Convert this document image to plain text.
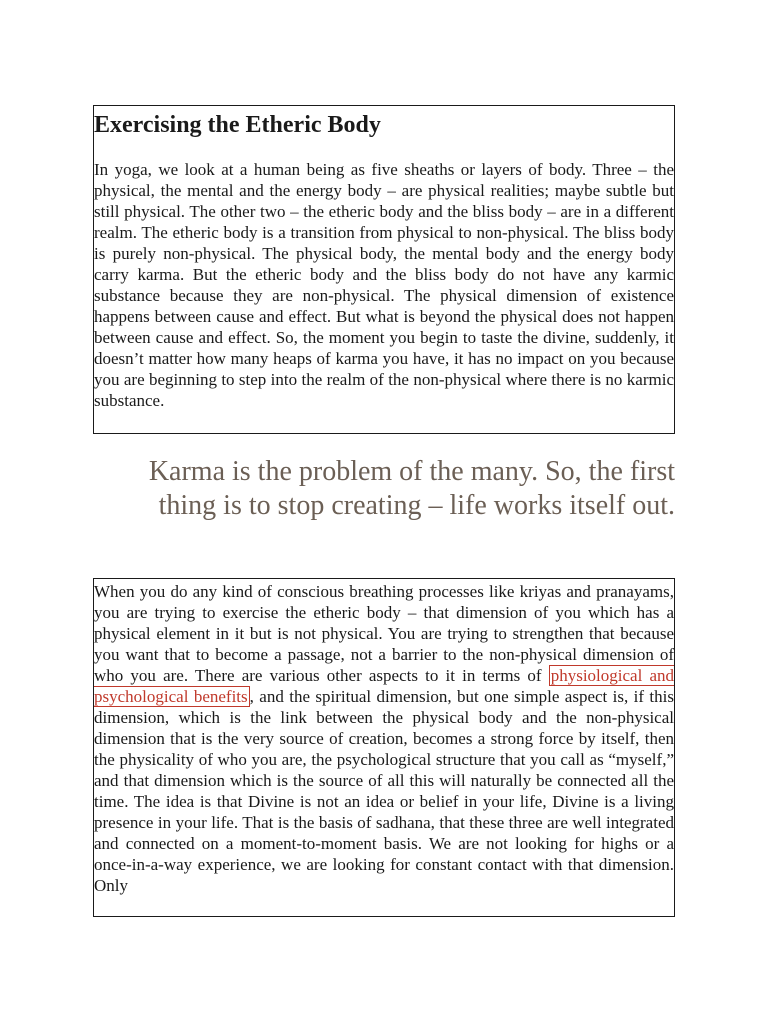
Exercising the Etheric Body

In yoga, we look at a human being as five sheaths or layers of body. Three – the physical, the mental and the energy body – are physical realities; maybe subtle but still physical. The other two – the etheric body and the bliss body – are in a different realm. The etheric body is a transition from physical to non-physical. The bliss body is purely non-physical. The physical body, the mental body and the energy body carry karma. But the etheric body and the bliss body do not have any karmic substance because they are non-physical. The physical dimension of existence happens between cause and effect. But what is beyond the physical does not happen between cause and effect. So, the moment you begin to taste the divine, suddenly, it doesn’t matter how many heaps of karma you have, it has no impact on you because you are beginning to step into the realm of the non-physical where there is no karmic substance.

Karma is the problem of the many. So, the first thing is to stop creating – life works itself out.

When you do any kind of conscious breathing processes like kriyas and pranayams, you are trying to exercise the etheric body – that dimension of you which has a physical element in it but is not physical. You are trying to strengthen that because you want that to become a passage, not a barrier to the non-physical dimension of who you are. There are various other aspects to it in terms of physiological and psychological benefits , and the spiritual dimension, but one simple aspect is, if this dimension, which is the link between the physical body and the non-physical dimension that is the very source of creation, becomes a strong force by itself, then the physicality of who you are, the psychological structure that you call as “myself,” and that dimension which is the source of all this will naturally be connected all the time. The idea is that Divine is not an idea or belief in your life, Divine is a living presence in your life. That is the basis of sadhana, that these three are well integrated and connected on a moment-to-moment basis. We are not looking for highs or a once-in-a-way experience, we are looking for constant contact with that dimension. Only
